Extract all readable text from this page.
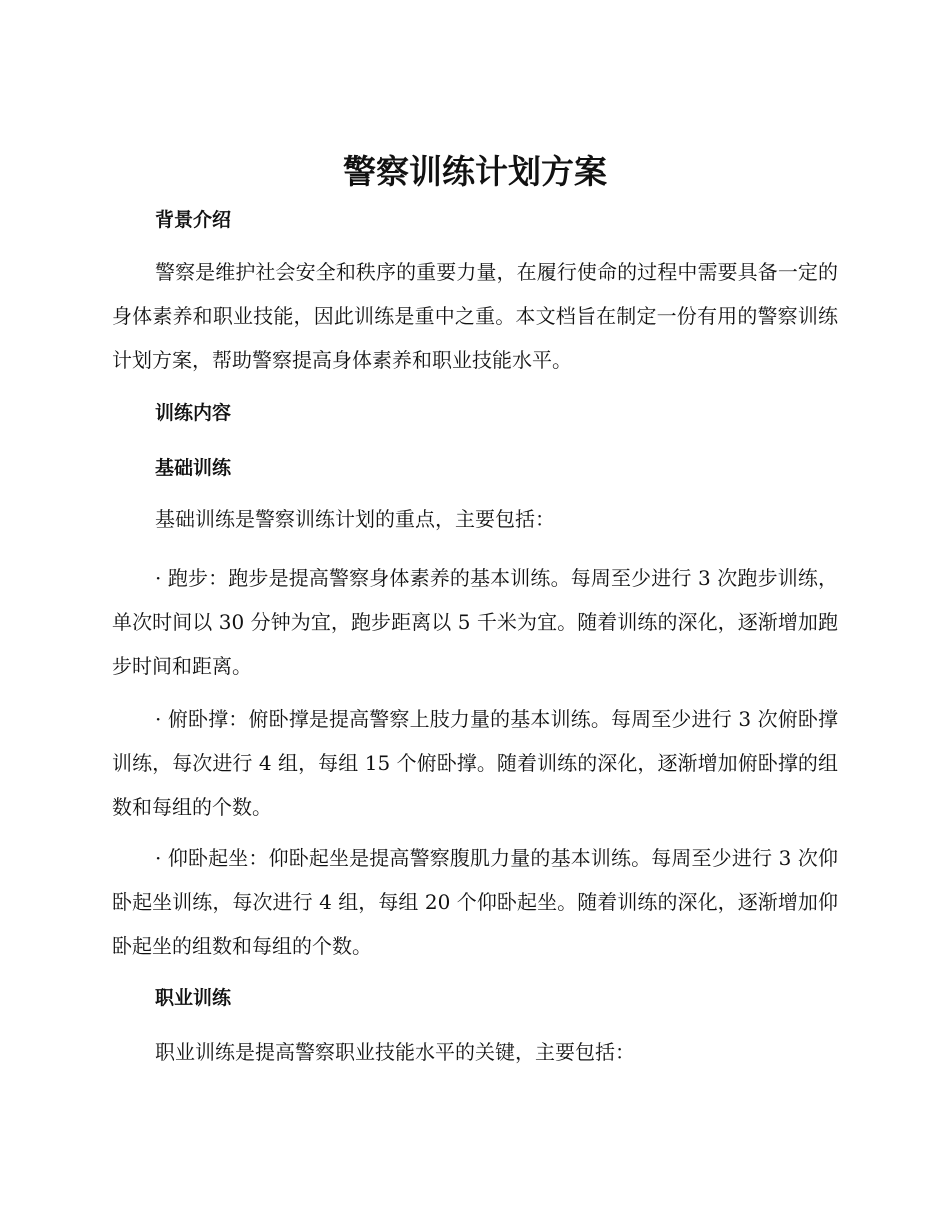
警察训练计划方案
背景介绍

警察是维护社会安全和秩序的重要力量，在履行使命的过程中需要具备一定的身体素养和职业技能，因此训练是重中之重。本文档旨在制定一份有用的警察训练计划方案，帮助警察提高身体素养和职业技能水平。

训练内容
基础训练

基础训练是警察训练计划的重点，主要包括：

· 跑步：跑步是提高警察身体素养的基本训练。每周至少进行 3 次跑步训练，单次时间以 30 分钟为宜，跑步距离以 5 千米为宜。随着训练的深化，逐渐增加跑步时间和距离。

· 俯卧撑：俯卧撑是提高警察上肢力量的基本训练。每周至少进行 3 次俯卧撑训练，每次进行 4 组，每组 15 个俯卧撑。随着训练的深化，逐渐增加俯卧撑的组数和每组的个数。

· 仰卧起坐：仰卧起坐是提高警察腹肌力量的基本训练。每周至少进行 3 次仰卧起坐训练，每次进行 4 组，每组 20 个仰卧起坐。随着训练的深化，逐渐增加仰卧起坐的组数和每组的个数。

职业训练

职业训练是提高警察职业技能水平的关键，主要包括：
